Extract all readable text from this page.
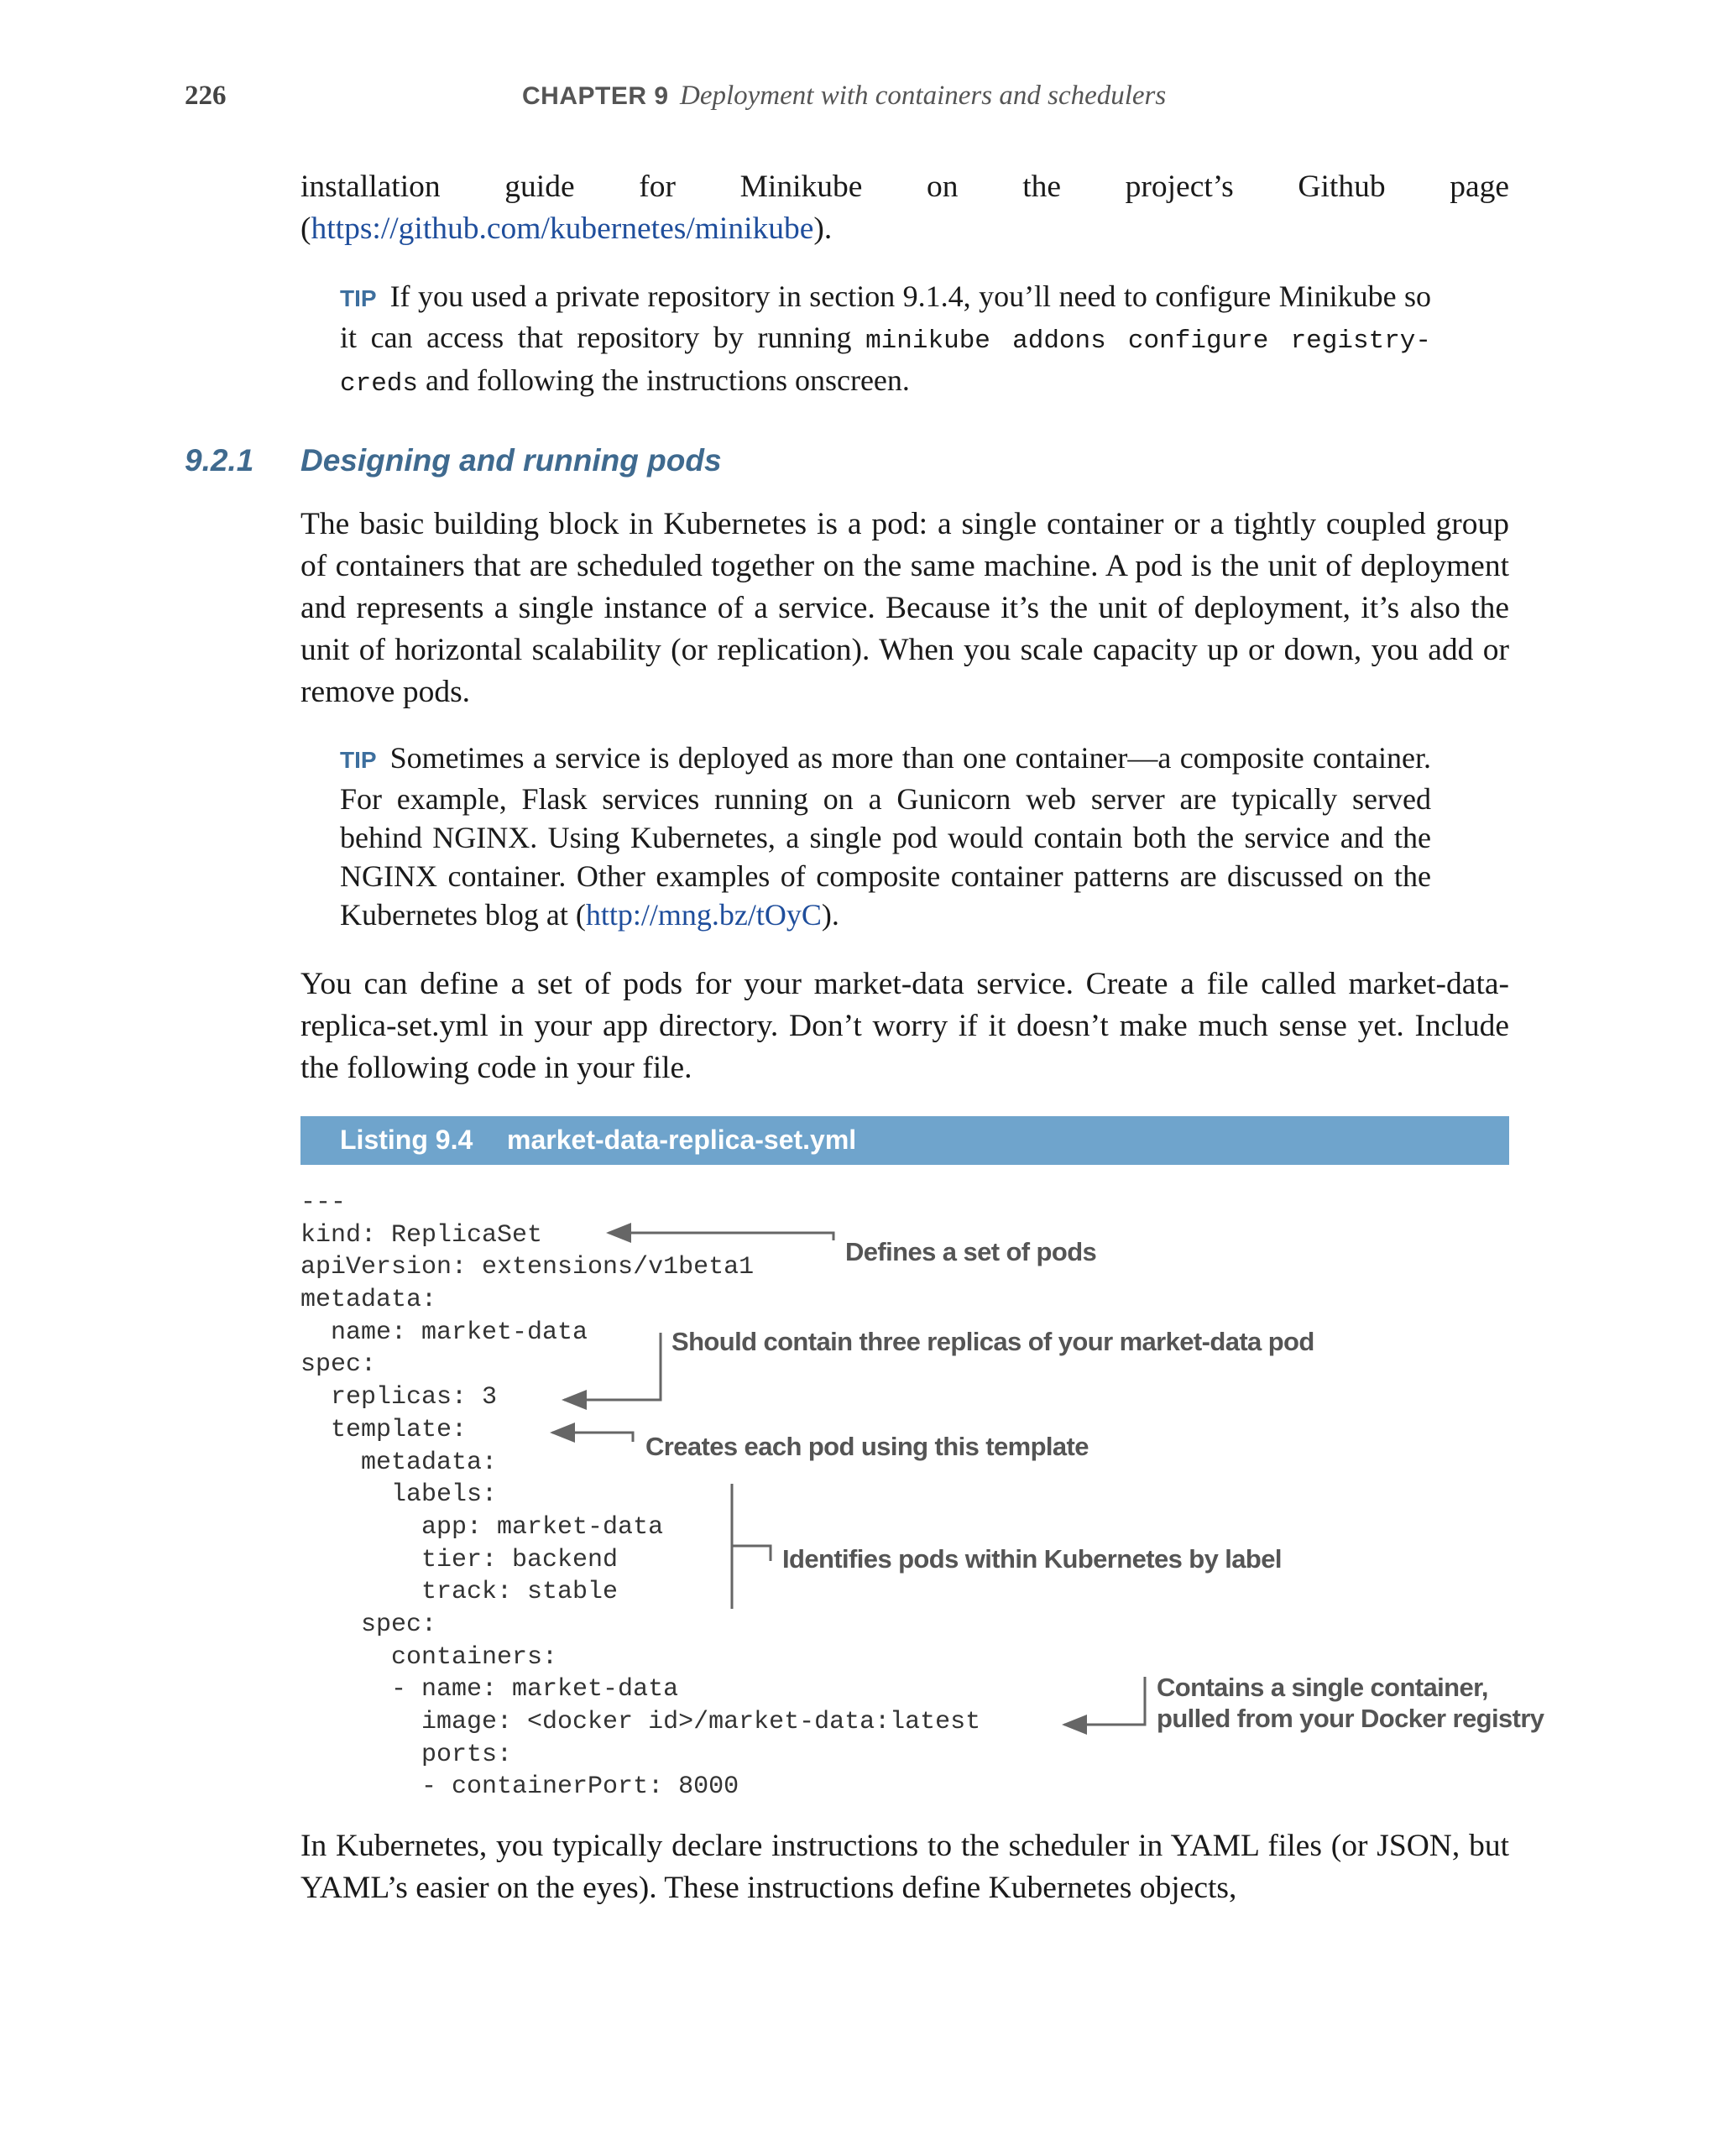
226	CHAPTER 9 Deployment with containers and schedulers
installation guide for Minikube on the project’s Github page (https://github.com/kubernetes/minikube).
TIP If you used a private repository in section 9.1.4, you’ll need to configure Minikube so it can access that repository by running minikube addons configure registry-creds and following the instructions onscreen.
9.2.1 Designing and running pods
The basic building block in Kubernetes is a pod: a single container or a tightly coupled group of containers that are scheduled together on the same machine. A pod is the unit of deployment and represents a single instance of a service. Because it’s the unit of deployment, it’s also the unit of horizontal scalability (or replication). When you scale capacity up or down, you add or remove pods.
TIP Sometimes a service is deployed as more than one container—a composite container. For example, Flask services running on a Gunicorn web server are typically served behind NGINX. Using Kubernetes, a single pod would contain both the service and the NGINX container. Other examples of composite container patterns are discussed on the Kubernetes blog at (http://mng.bz/tOyC).
You can define a set of pods for your market-data service. Create a file called market-data-replica-set.yml in your app directory. Don’t worry if it doesn’t make much sense yet. Include the following code in your file.
Listing 9.4 market-data-replica-set.yml
---
kind: ReplicaSet
apiVersion: extensions/v1beta1
metadata:
name: market-data
spec:
replicas: 3
template:
metadata:
labels:
app: market-data
tier: backend
track: stable
spec:
containers:
- name: market-data
image: <docker id>/market-data:latest
ports:
- containerPort: 8000
Defines a set of pods
Should contain three replicas of your market-data pod
Creates each pod using this template
Identifies pods within Kubernetes by label
Contains a single container,
pulled from your Docker registry
In Kubernetes, you typically declare instructions to the scheduler in YAML files (or JSON, but YAML’s easier on the eyes). These instructions define Kubernetes objects,
